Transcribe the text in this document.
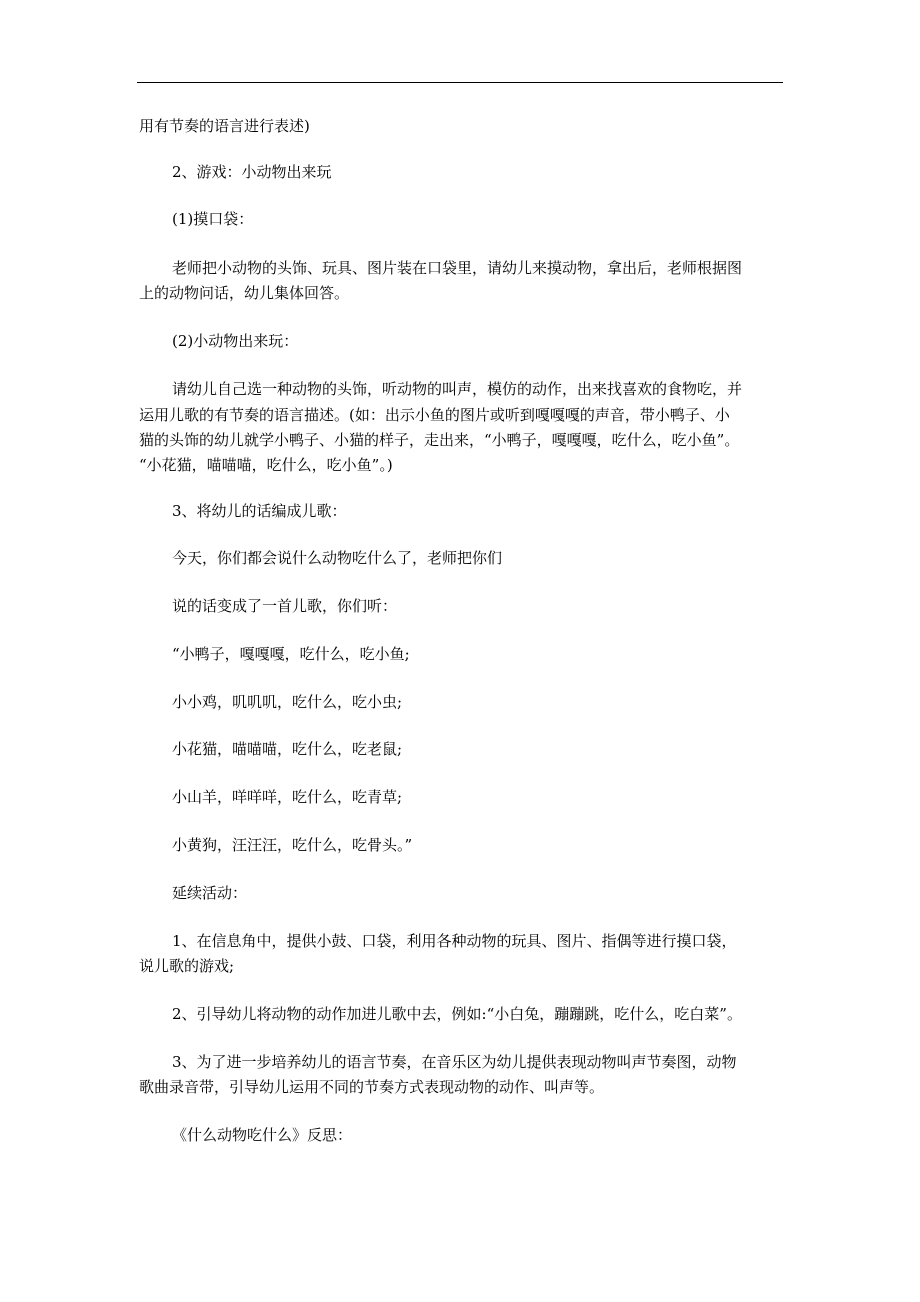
用有节奏的语言进行表述)
2、游戏：小动物出来玩
(1)摸口袋：
老师把小动物的头饰、玩具、图片装在口袋里，请幼儿来摸动物，拿出后，老师根据图
上的动物问话，幼儿集体回答。
(2)小动物出来玩：
请幼儿自己选一种动物的头饰，听动物的叫声，模仿的动作，出来找喜欢的食物吃，并
运用儿歌的有节奏的语言描述。(如：出示小鱼的图片或听到嘎嘎嘎的声音，带小鸭子、小
猫的头饰的幼儿就学小鸭子、小猫的样子，走出来，“小鸭子，嘎嘎嘎，吃什么，吃小鱼”。
“小花猫，喵喵喵，吃什么，吃小鱼”。)
3、将幼儿的话编成儿歌：
今天，你们都会说什么动物吃什么了，老师把你们
说的话变成了一首儿歌，你们听：
“小鸭子，嘎嘎嘎，吃什么，吃小鱼;
小小鸡，叽叽叽，吃什么，吃小虫;
小花猫，喵喵喵，吃什么，吃老鼠;
小山羊，咩咩咩，吃什么，吃青草;
小黄狗，汪汪汪，吃什么，吃骨头。”
延续活动：
1、在信息角中，提供小鼓、口袋，利用各种动物的玩具、图片、指偶等进行摸口袋，
说儿歌的游戏;
2、引导幼儿将动物的动作加进儿歌中去，例如:“小白兔，蹦蹦跳，吃什么，吃白菜”。
3、为了进一步培养幼儿的语言节奏，在音乐区为幼儿提供表现动物叫声节奏图，动物
歌曲录音带，引导幼儿运用不同的节奏方式表现动物的动作、叫声等。
《什么动物吃什么》反思：
